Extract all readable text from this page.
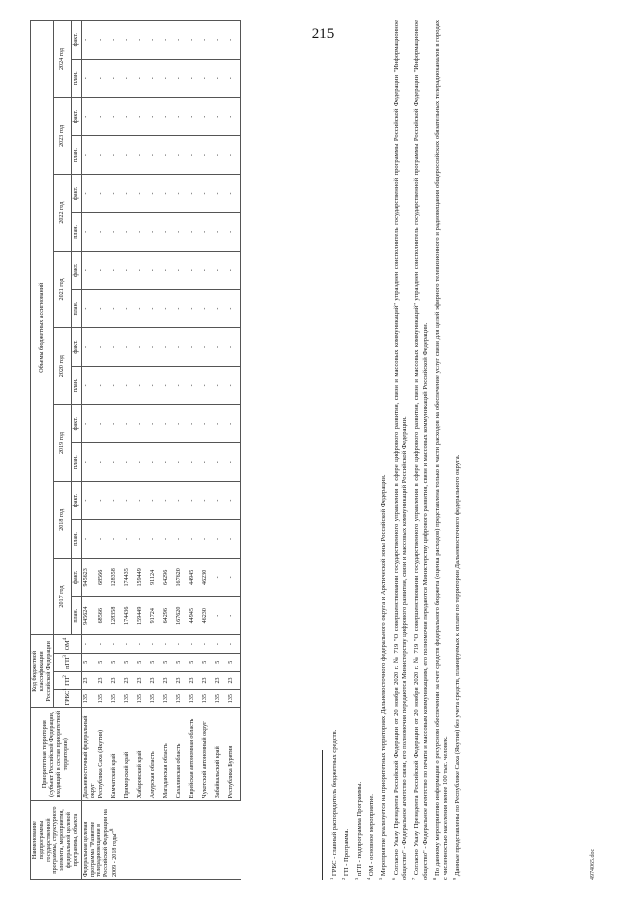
215
Наименование подпрограммы государственной программы, структурного элемента, мероприятия, федеральной целевой программы, объекта	Приоритетная территория (субъект Российской Федерации, входящий в состав приоритетной территории)	Код бюджетной классификации Российской Федерации				Объемы бюджетных ассигнований															
		ГРБС$^1$	$ГП^2$	пГП$^3$	$ОМ^4$	2017 год		2018 год		2019 год		2020 год		2021 год		2022 год		2023 год		2024 год	
						план.	факт.	план.	факт.	план.	факт.	план.	факт.	план.	факт.	план.	факт.	план.	факт.	план.	факт.
Федеральная целевая программа "Развитие телерадиовещания в Российской Федерации на 2009 - 2018 годы"$^8$	Дальневосточный федеральный округ	135	23	5	-	945624	945623	-	-	-	-	-	-	-	-	-	-	-	-	-	-
	Республика Саха (Якутия)	135	23	5	-	68566	68566	-	-	-	-	-	-	-	-	-	-	-	-	-	-
	Камчатский край	135	23	5	-	128358	128358	-	-	-	-	-	-	-	-	-	-	-	-	-	-
	Приморский край	135	23	5	-	174436	174435	-	-	-	-	-	-	-	-	-	-	-	-	-	-
	Хабаровский край	135	23	5	-	159449	159449	-	-	-	-	-	-	-	-	-	-	-	-	-	-
	Амурская область	135	23	5	-	91724	91124	-	-	-	-	-	-	-	-	-	-	-	-	-	-
	Магаданская область	135	23	5	-	64296	64296	-	-	-	-	-	-	-	-	-	-	-	-	-	-
	Сахалинская область	135	23	5	-	167620	167620	-	-	-	-	-	-	-	-	-	-	-	-	-	-
	Еврейская автономная область	135	23	5	-	44945	44945	-	-	-	-	-	-	-	-	-	-	-	-	-	-
	Чукотский автономный округ	135	23	5	-	46230	46230	-	-	-	-	-	-	-	-	-	-	-	-	-	-
	Забайкальский край	135	23	5	-	-	-	-	-	-	-	-	-	-	-	-	-	-	-	-	-
	Республика Бурятия	135	23	5	-	-	-	-	-	-	-	-	-	-	-	-	-	-	-	-	-

$^1$ ГРБС - главный распорядитель бюджетных средств.

$^2$ ГП - Программа.

$^3$ пГП - подпрограмма Программы.

$^4$ ОМ - основное мероприятие.

$^5$ Мероприятие реализуется на приоритетных территориях Дальневосточного федерального округа и Арктической зоны Российской Федерации.

$^6$ Согласно Указу Президента Российской Федерации от 20 ноября 2020 г. № 719 "О совершенствовании государственного управления в сфере цифрового развития, связи и массовых коммуникаций" упразднен соисполнитель государственной программы Российской Федерации "Информационное общество" - Федеральное агентство связи, его полномочия передаются Министерству цифрового развития, связи и массовых коммуникаций Российской Федерации. $^7$ Согласно Указу Президента Российской Федерации от 20 ноября 2020 г. № 719 "О совершенствовании государственного управления в сфере цифрового развития, связи и массовых коммуникаций" упразднен соисполнитель государственной программы Российской Федерации "Информационное общество" - Федеральное агентство по печати и массовым коммуникациям, его полномочия передаются Министерству цифрового развития, связи и массовых коммуникаций Российской Федерации. $^8$ По данному мероприятию информация о ресурсном обеспечении за счет средств федерального бюджета (оценка расходов) представлена только в части расходов на обеспечение услуг связи для целей эфирного телевизионного и радиовещания общероссийских обязательных телерадиоканалов в городах с численностью населения менее 100 тыс. человек. $^9$ Данные представлены по Республике Саха (Якутия) без учета средств, планируемых к оплате по территории Дальневосточного федерального округа.	4974065.doc
